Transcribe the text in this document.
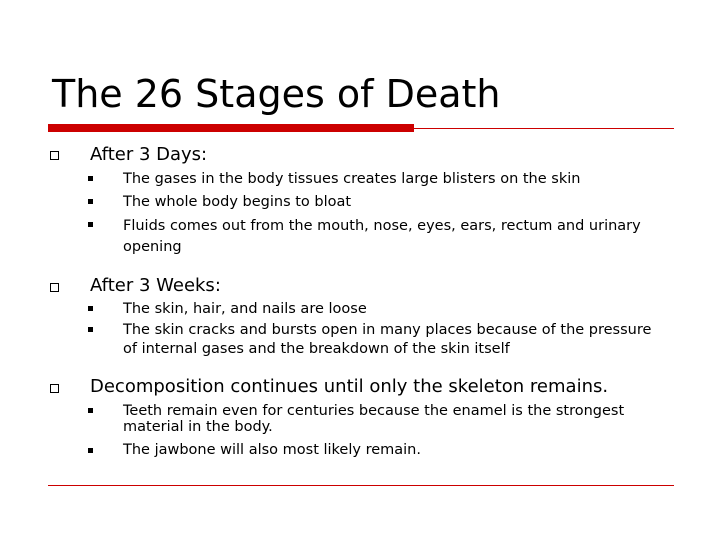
The 26 Stages of Death
After 3 Days:
The gases in the body tissues creates large blisters on the skin
The whole body begins to bloat
Fluids comes out from the mouth, nose, eyes, ears, rectum and urinary opening
After 3 Weeks:
The skin, hair, and nails are loose
The skin cracks and bursts open in many places because of the pressure of internal gases and the breakdown of the skin itself
Decomposition continues until only the skeleton remains.
Teeth remain even for centuries because the enamel is the strongest material in the body.
The jawbone will also most likely remain.
